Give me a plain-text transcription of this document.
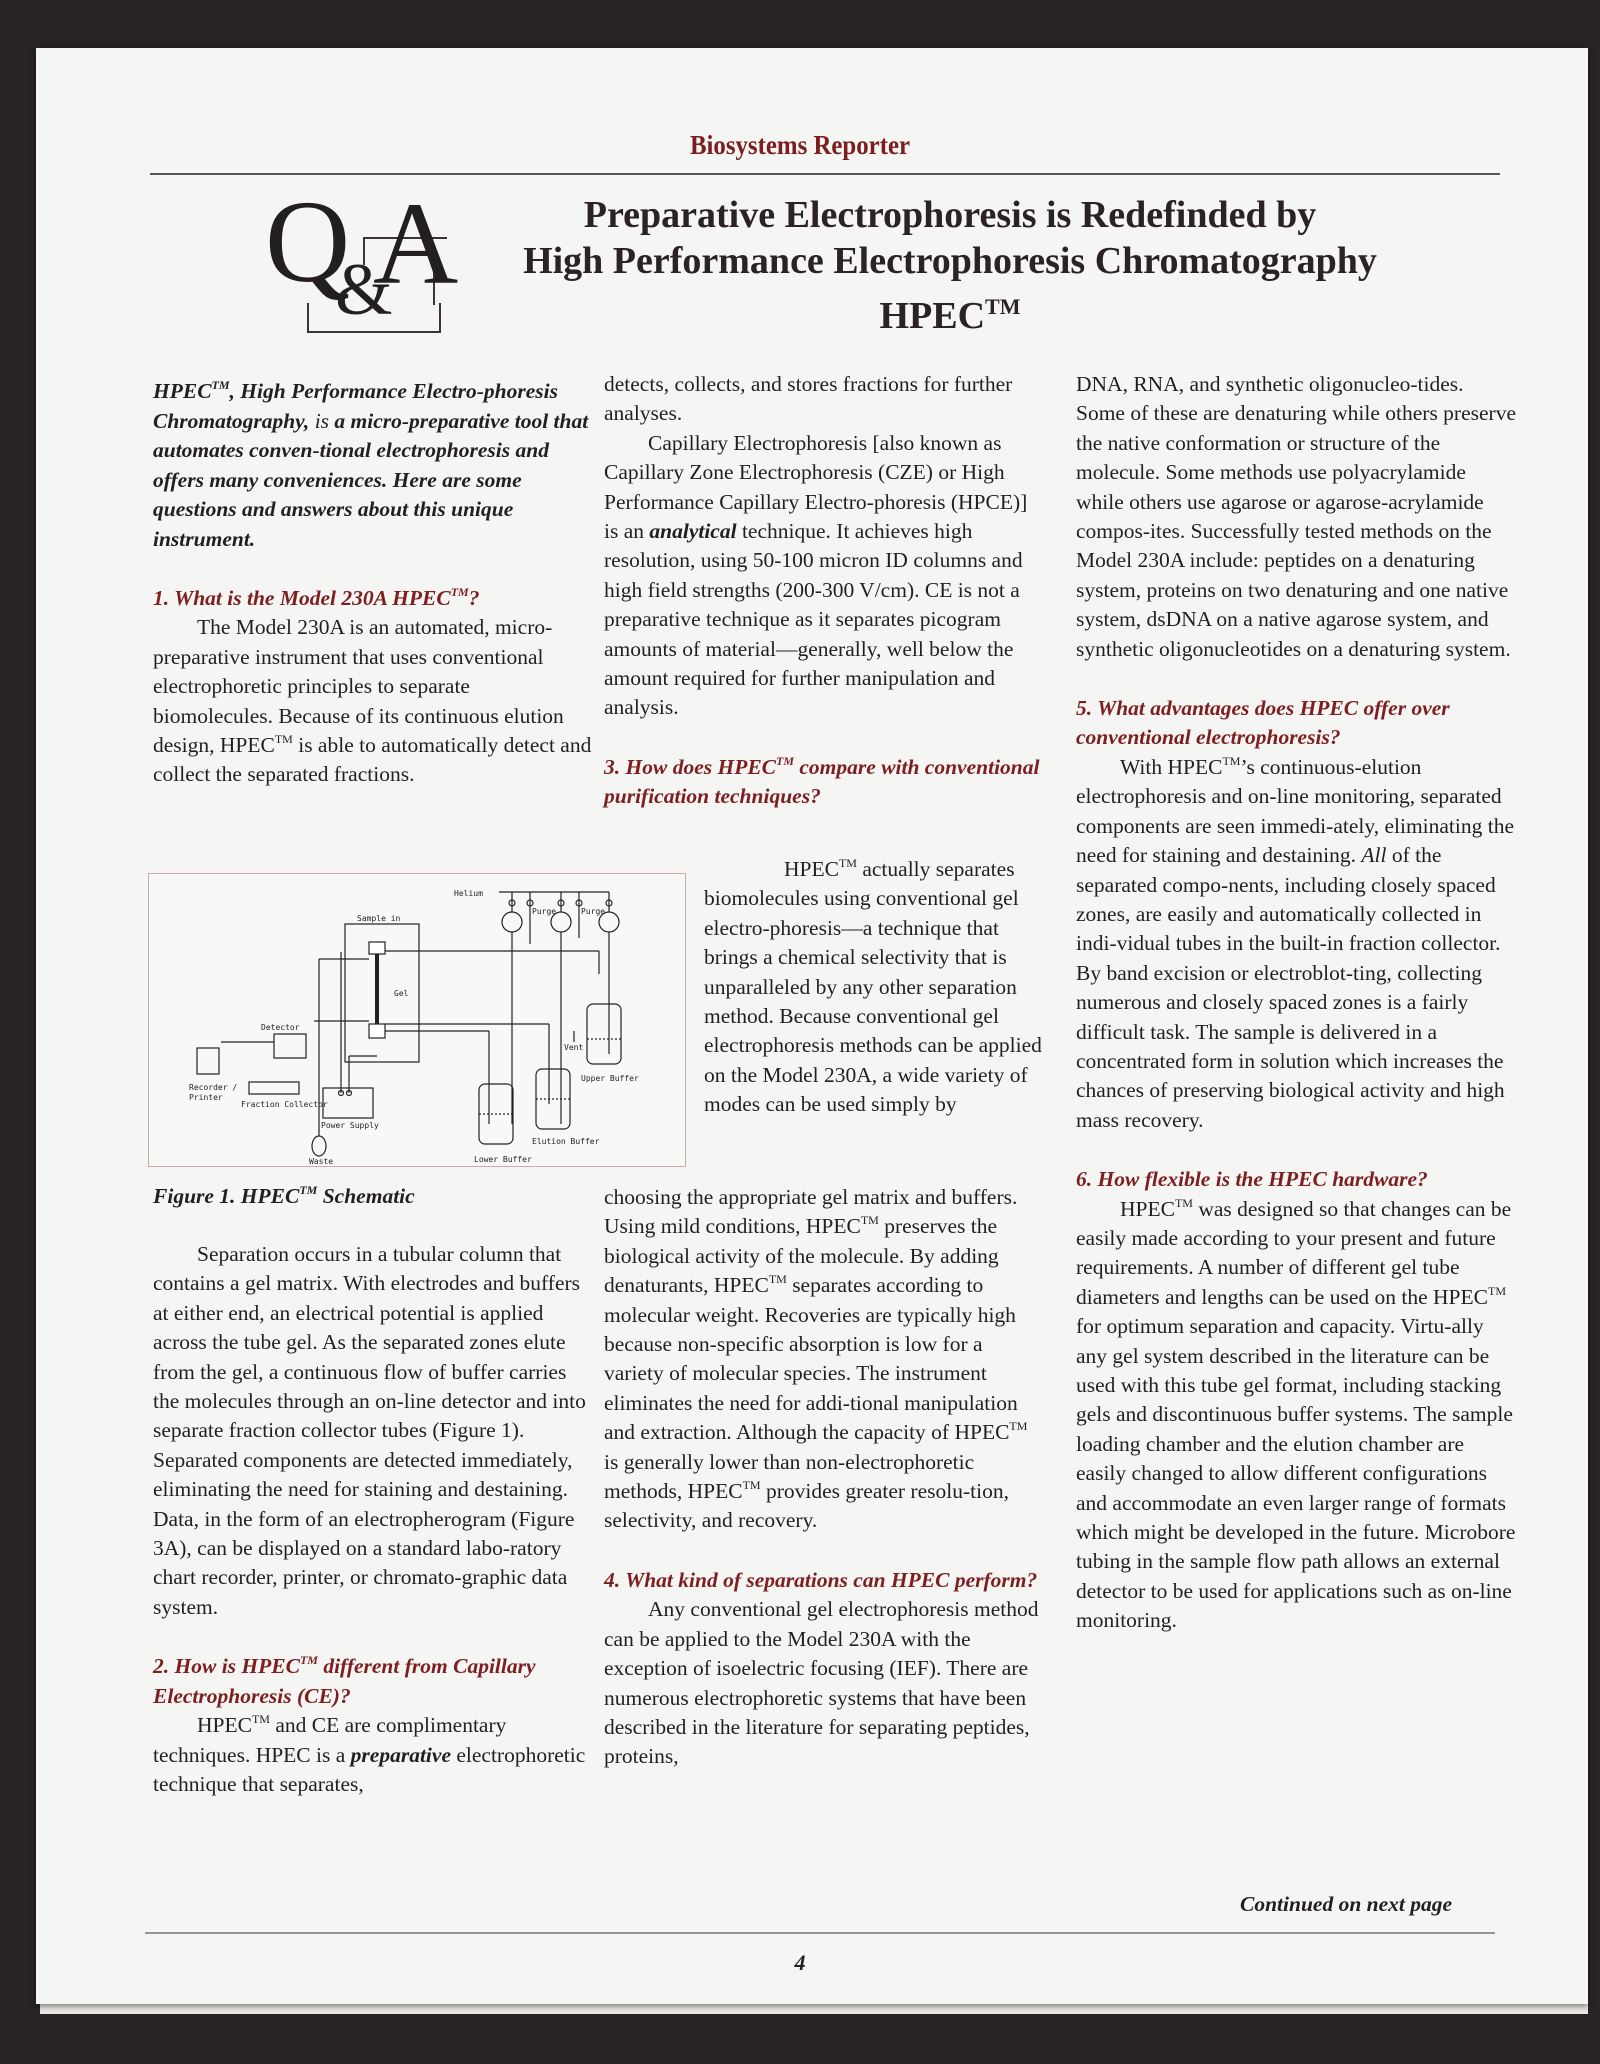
Biosystems Reporter
Q A
&
Preparative Electrophoresis is Redefinded by
High Performance Electrophoresis Chromatography
HPEC™

HPEC™, High Performance Electro-phoresis Chromatography, is a micro-preparative tool that automates conven-tional electrophoresis and offers many conveniences. Here are some questions and answers about this unique instrument.

1. What is the Model 230A HPEC™?

The Model 230A is an automated, micro-preparative instrument that uses conventional electrophoretic principles to separate biomolecules. Because of its continuous elution design, HPEC™ is able to automatically detect and collect the separated fractions.

Helium
Purge	Purge
Sample in
Gel
Detector
Recorder /
Printer
Fraction Collector
Power Supply
Waste
Vent
Upper Buffer
Elution Buffer
Lower Buffer
Figure 1. HPEC™ Schematic

Separation occurs in a tubular column that contains a gel matrix. With electrodes and buffers at either end, an electrical potential is applied across the tube gel. As the separated zones elute from the gel, a continuous flow of buffer carries the molecules through an on-line detector and into separate fraction collector tubes (Figure 1). Separated components are detected immediately, eliminating the need for staining and destaining. Data, in the form of an electropherogram (Figure 3A), can be displayed on a standard labo-ratory chart recorder, printer, or chromato-graphic data system.

2. How is HPEC™ different from Capillary Electrophoresis (CE)?

HPEC™ and CE are complimentary techniques. HPEC is a preparative electrophoretic technique that separates,

detects, collects, and stores fractions for further analyses.

Capillary Electrophoresis [also known as Capillary Zone Electrophoresis (CZE) or High Performance Capillary Electro-phoresis (HPCE)] is an analytical technique. It achieves high resolution, using 50-100 micron ID columns and high field strengths (200-300 V/cm). CE is not a preparative technique as it separates picogram amounts of material—generally, well below the amount required for further manipulation and analysis.

3. How does HPEC™ compare with conventional purification techniques?

HPEC™ actually separates biomolecules using conventional gel electro-phoresis—a technique that brings a chemical selectivity that is unparalleled by any other separation method. Because conventional gel electrophoresis methods can be applied on the Model 230A, a wide variety of modes can be used simply by

choosing the appropriate gel matrix and buffers. Using mild conditions, HPEC™ preserves the biological activity of the molecule. By adding denaturants, HPEC™ separates according to molecular weight. Recoveries are typically high because non-specific absorption is low for a variety of molecular species. The instrument eliminates the need for addi-tional manipulation and extraction. Although the capacity of HPEC™ is generally lower than non-electrophoretic methods, HPEC™ provides greater resolu-tion, selectivity, and recovery.

4. What kind of separations can HPEC perform?

Any conventional gel electrophoresis method can be applied to the Model 230A with the exception of isoelectric focusing (IEF). There are numerous electrophoretic systems that have been described in the literature for separating peptides, proteins,

DNA, RNA, and synthetic oligonucleo-tides. Some of these are denaturing while others preserve the native conformation or structure of the molecule. Some methods use polyacrylamide while others use agarose or agarose-acrylamide compos-ites. Successfully tested methods on the Model 230A include: peptides on a denaturing system, proteins on two denaturing and one native system, dsDNA on a native agarose system, and synthetic oligonucleotides on a denaturing system.

5. What advantages does HPEC offer over conventional electrophoresis?

With HPEC™’s continuous-elution electrophoresis and on-line monitoring, separated components are seen immedi-ately, eliminating the need for staining and destaining. All of the separated compo-nents, including closely spaced zones, are easily and automatically collected in indi-vidual tubes in the built-in fraction collector. By band excision or electroblot-ting, collecting numerous and closely spaced zones is a fairly difficult task. The sample is delivered in a concentrated form in solution which increases the chances of preserving biological activity and high mass recovery.

6. How flexible is the HPEC hardware?

HPEC™ was designed so that changes can be easily made according to your present and future requirements. A number of different gel tube diameters and lengths can be used on the HPEC™ for optimum separation and capacity. Virtu-ally any gel system described in the literature can be used with this tube gel format, including stacking gels and discontinuous buffer systems. The sample loading chamber and the elution chamber are easily changed to allow different configurations and accommodate an even larger range of formats which might be developed in the future. Microbore tubing in the sample flow path allows an external detector to be used for applications such as on-line monitoring.

Continued on next page
4
